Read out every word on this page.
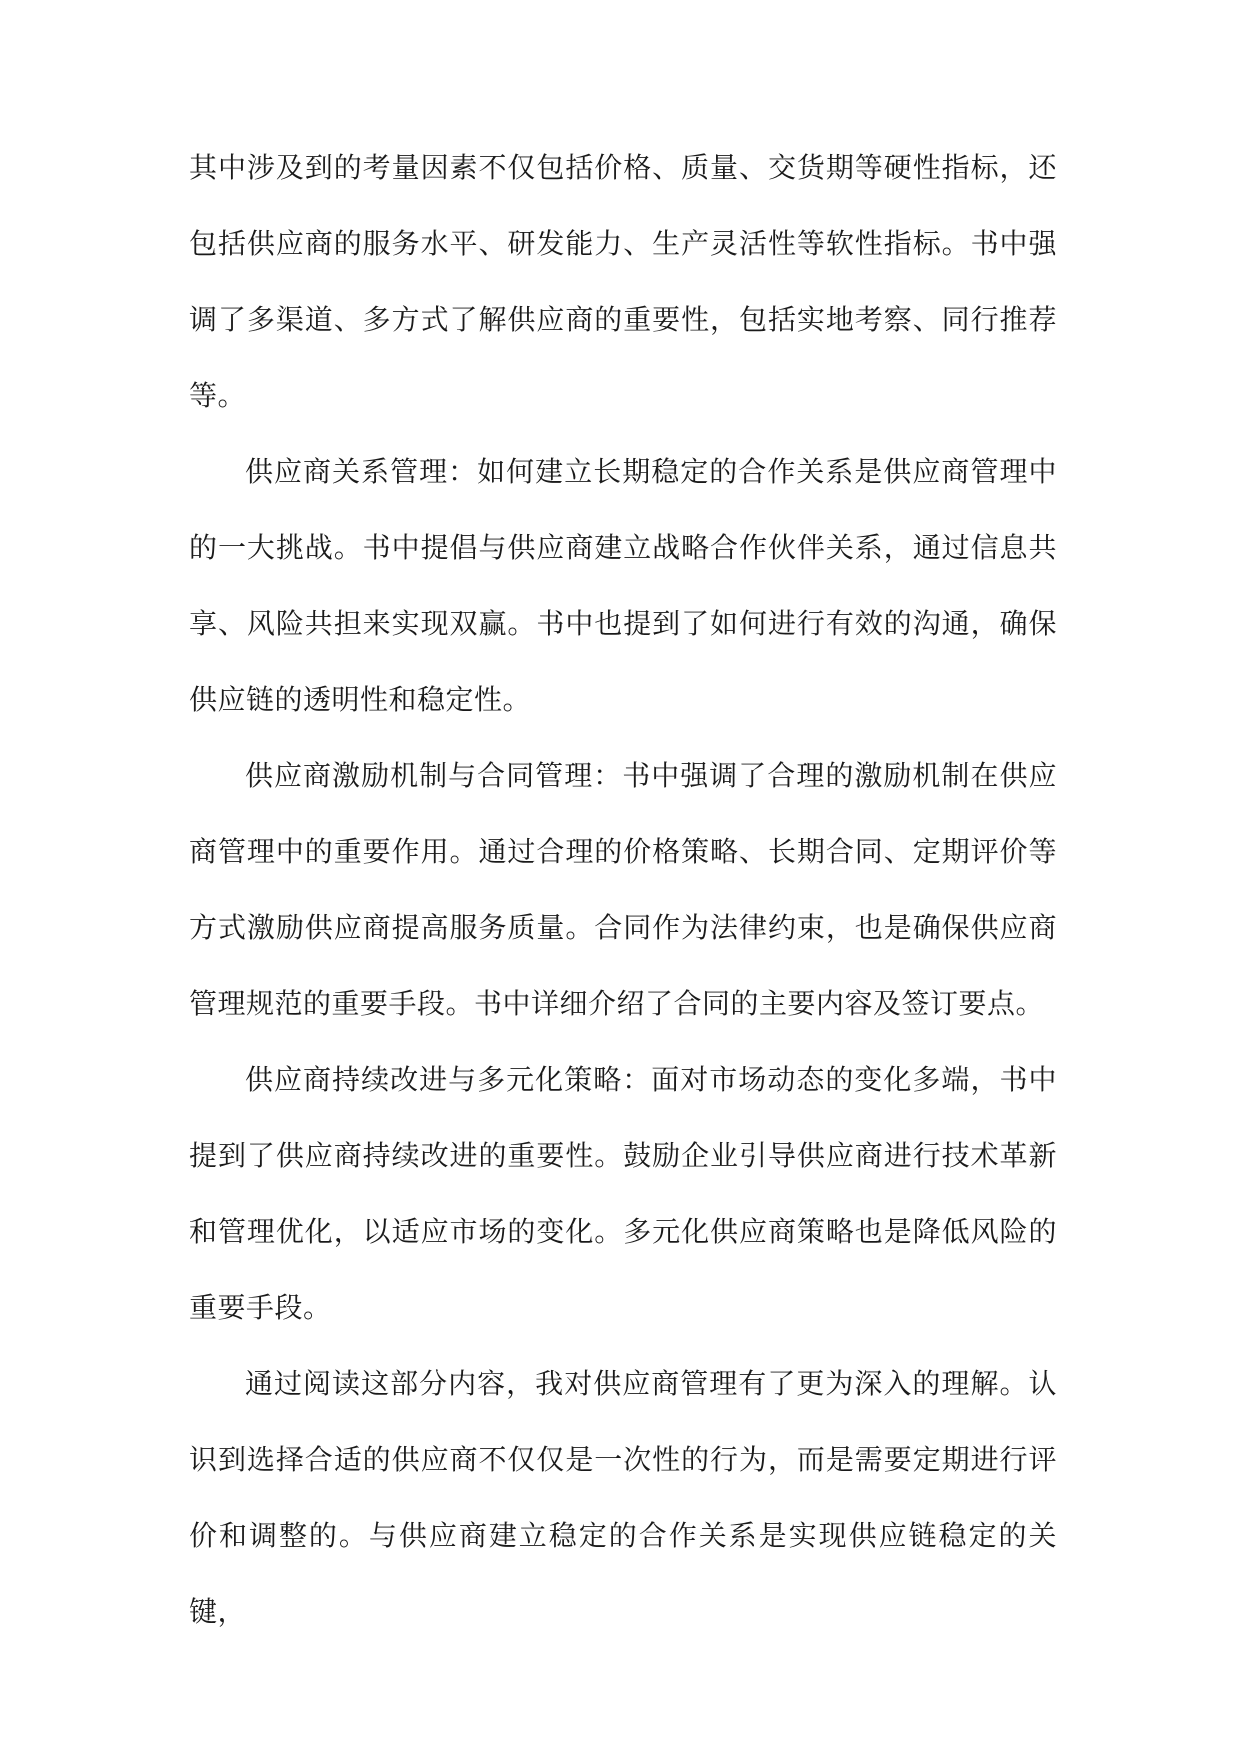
其中涉及到的考量因素不仅包括价格、质量、交货期等硬性指标，还包括供应商的服务水平、研发能力、生产灵活性等软性指标。书中强调了多渠道、多方式了解供应商的重要性，包括实地考察、同行推荐等。

供应商关系管理：如何建立长期稳定的合作关系是供应商管理中的一大挑战。书中提倡与供应商建立战略合作伙伴关系，通过信息共享、风险共担来实现双赢。书中也提到了如何进行有效的沟通，确保供应链的透明性和稳定性。

供应商激励机制与合同管理：书中强调了合理的激励机制在供应商管理中的重要作用。通过合理的价格策略、长期合同、定期评价等方式激励供应商提高服务质量。合同作为法律约束，也是确保供应商管理规范的重要手段。书中详细介绍了合同的主要内容及签订要点。

供应商持续改进与多元化策略：面对市场动态的变化多端，书中提到了供应商持续改进的重要性。鼓励企业引导供应商进行技术革新和管理优化，以适应市场的变化。多元化供应商策略也是降低风险的重要手段。

通过阅读这部分内容，我对供应商管理有了更为深入的理解。认识到选择合适的供应商不仅仅是一次性的行为，而是需要定期进行评价和调整的。与供应商建立稳定的合作关系是实现供应链稳定的关键，
